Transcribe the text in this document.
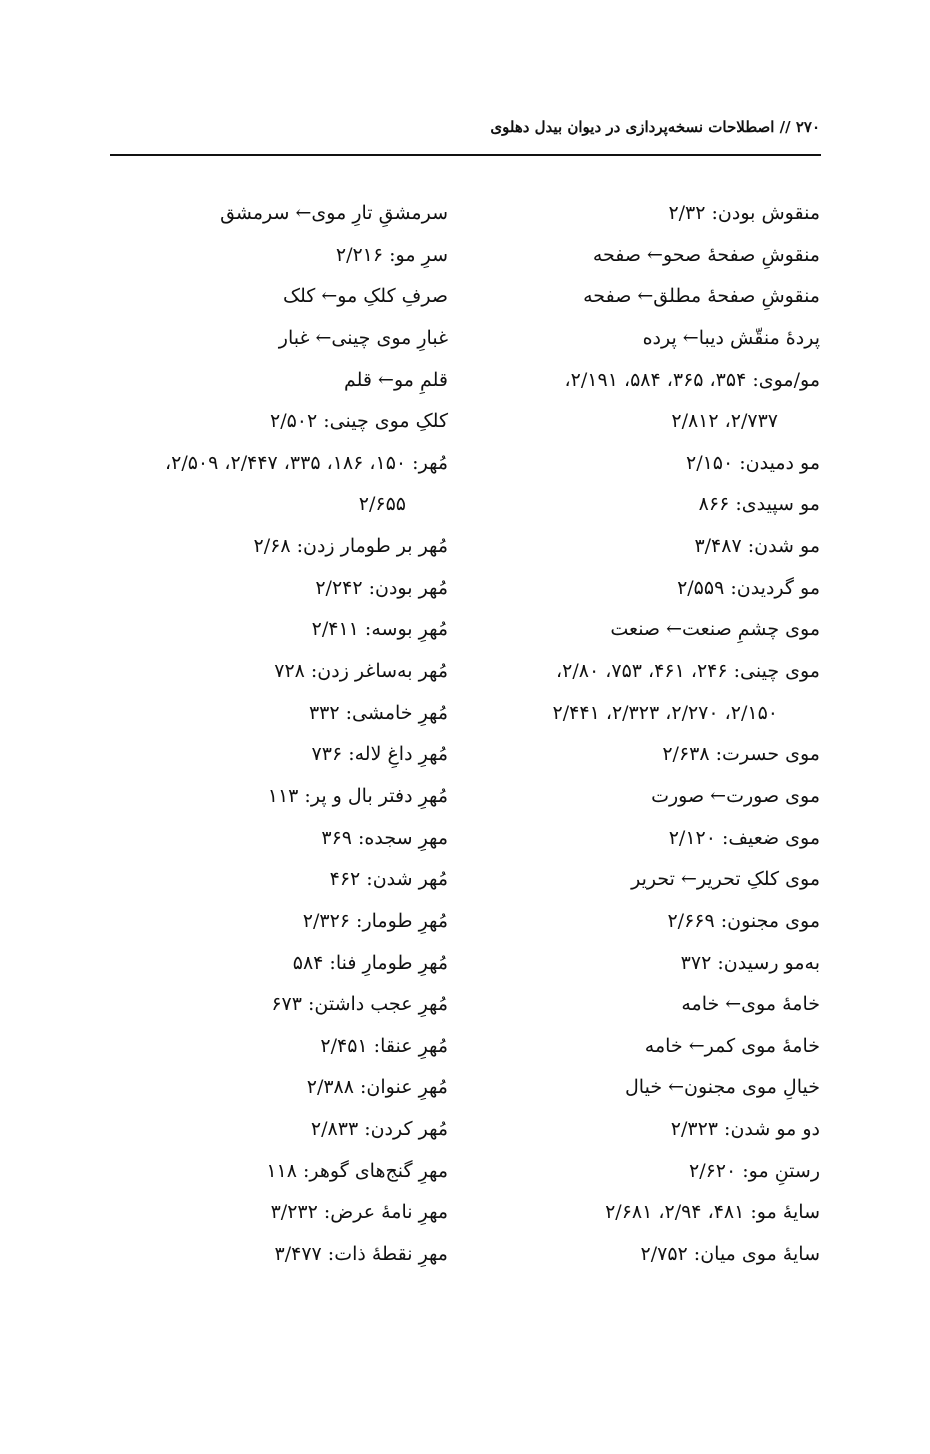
۲۷۰ // اصطلاحات نسخه‌پردازی در دیوان بیدل دهلوی
منقوش بودن: ۲/۳۲
منقوشِ صفحهٔ صحو← صفحه
منقوشِ صفحهٔ مطلق← صفحه
پردهٔ منقّش دیبا← پرده
مو/موی: ۳۵۴، ۳۶۵، ۵۸۴، ۲/۱۹۱،
۲/۷۳۷، ۲/۸۱۲
مو دمیدن: ۲/۱۵۰
مو سپیدی: ۸۶۶
مو شدن: ۳/۴۸۷
مو گردیدن: ۲/۵۵۹
موی چشمِ صنعت← صنعت
موی چینی: ۲۴۶، ۴۶۱، ۷۵۳، ۲/۸۰،
۲/۱۵۰، ۲/۲۷۰، ۲/۳۲۳، ۲/۴۴۱
موی حسرت: ۲/۶۳۸
موی صورت← صورت
موی ضعیف: ۲/۱۲۰
موی کلکِ تحریر← تحریر
موی مجنون: ۲/۶۶۹
به‌مو رسیدن: ۳۷۲
خامهٔ موی← خامه
خامهٔ موی کمر← خامه
خیالِ موی مجنون← خیال
دو مو شدن: ۲/۳۲۳
رستنِ مو: ۲/۶۲۰
سایهٔ مو: ۴۸۱، ۲/۹۴، ۲/۶۸۱
سایهٔ موی میان: ۲/۷۵۲
سرمشقِ تارِ موی← سرمشق
سرِ مو: ۲/۲۱۶
صرفِ کلکِ مو← کلک
غبارِ موی چینی← غبار
قلمِ مو← قلم
کلکِ موی چینی: ۲/۵۰۲
مُهر: ۱۵۰، ۱۸۶، ۳۳۵، ۲/۴۴۷، ۲/۵۰۹،
۲/۶۵۵
مُهر بر طومار زدن: ۲/۶۸
مُهر بودن: ۲/۲۴۲
مُهرِ بوسه: ۲/۴۱۱
مُهر به‌ساغر زدن: ۷۲۸
مُهرِ خامشی: ۳۳۲
مُهرِ داغِ لاله: ۷۳۶
مُهرِ دفتر بال و پر: ۱۱۳
مهرِ سجده: ۳۶۹
مُهر شدن: ۴۶۲
مُهرِ طومار: ۲/۳۲۶
مُهرِ طومارِ فنا: ۵۸۴
مُهرِ عجب داشتن: ۶۷۳
مُهرِ عنقا: ۲/۴۵۱
مُهرِ عنوان: ۲/۳۸۸
مُهر کردن: ۲/۸۳۳
مهرِ گنج‌های گوهر: ۱۱۸
مهرِ نامهٔ عرض: ۳/۲۳۲
مهرِ نقطهٔ ذات: ۳/۴۷۷
